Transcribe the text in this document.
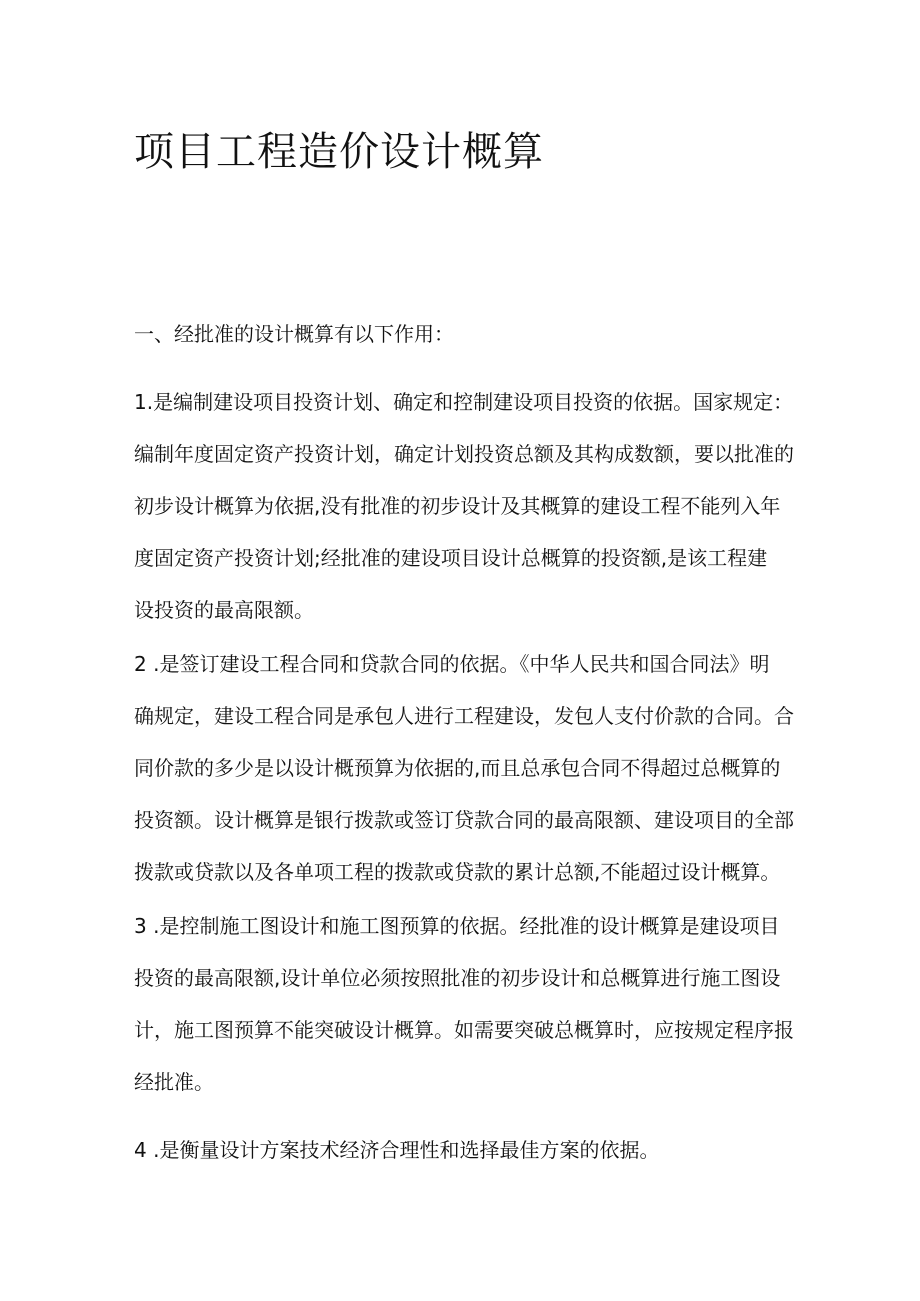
项目工程造价设计概算

一、经批准的设计概算有以下作用：

1.是编制建设项目投资计划、确定和控制建设项目投资的依据。国家规定：
编制年度固定资产投资计划，确定计划投资总额及其构成数额，要以批准的
初步设计概算为依据,没有批准的初步设计及其概算的建设工程不能列入年
度固定资产投资计划;经批准的建设项目设计总概算的投资额,是该工程建
设投资的最高限额。
2 .是签订建设工程合同和贷款合同的依据。《中华人民共和国合同法》明
确规定，建设工程合同是承包人进行工程建设，发包人支付价款的合同。合
同价款的多少是以设计概预算为依据的,而且总承包合同不得超过总概算的
投资额。设计概算是银行拨款或签订贷款合同的最高限额、建设项目的全部
拨款或贷款以及各单项工程的拨款或贷款的累计总额,不能超过设计概算。
3 .是控制施工图设计和施工图预算的依据。经批准的设计概算是建设项目
投资的最高限额,设计单位必须按照批准的初步设计和总概算进行施工图设
计，施工图预算不能突破设计概算。如需要突破总概算时，应按规定程序报
经批准。
4 .是衡量设计方案技术经济合理性和选择最佳方案的依据。
